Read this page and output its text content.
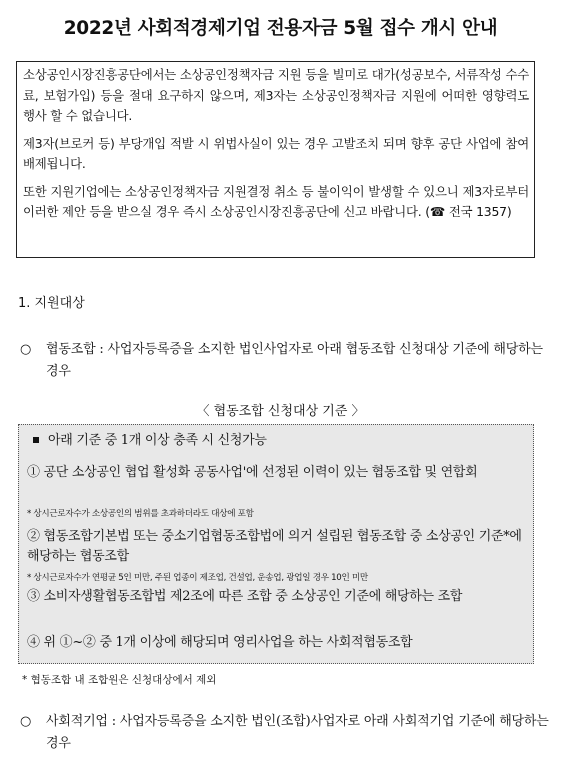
2022년 사회적경제기업 전용자금 5월 접수 개시 안내

소상공인시장진흥공단에서는 소상공인정책자금 지원 등을 빌미로 대가(성공보수, 서류작성 수수료, 보험가입) 등을 절대 요구하지 않으며, 제3자는 소상공인정책자금 지원에 어떠한 영향력도 행사 할 수 없습니다.

제3자(브로커 등) 부당개입 적발 시 위법사실이 있는 경우 고발조치 되며 향후 공단 사업에 참여 배제됩니다.

또한 지원기업에는 소상공인정책자금 지원결정 취소 등 불이익이 발생할 수 있으니 제3자로부터 이러한 제안 등을 받으실 경우 즉시 소상공인시장진흥공단에 신고 바랍니다. (☎ 전국 1357)

1. 지원대상
○	협동조합 : 사업자등록증을 소지한 법인사업자로 아래 협동조합 신청대상 기준에 해당하는 경우
〈 협동조합 신청대상 기준 〉
아래 기준 중 1개 이상 충족 시 신청가능
① 공단 소상공인 협업 활성화 공동사업'에 선정된 이력이 있는 협동조합 및 연합회
* 상시근로자수가 소상공인의 범위를 초과하더라도 대상에 포함
② 협동조합기본법 또는 중소기업협동조합법에 의거 설립된 협동조합 중 소상공인 기준*에 해당하는 협동조합
* 상시근로자수가 연평균 5인 미만, 주된 업종이 제조업, 건설업, 운송업, 광업일 경우 10인 미만
③ 소비자생활협동조합법 제2조에 따른 조합 중 소상공인 기준에 해당하는 조합
④ 위 ①~② 중 1개 이상에 해당되며 영리사업을 하는 사회적협동조합
* 협동조합 내 조합원은 신청대상에서 제외
○	사회적기업 : 사업자등록증을 소지한 법인(조합)사업자로 아래 사회적기업 기준에 해당하는 경우
